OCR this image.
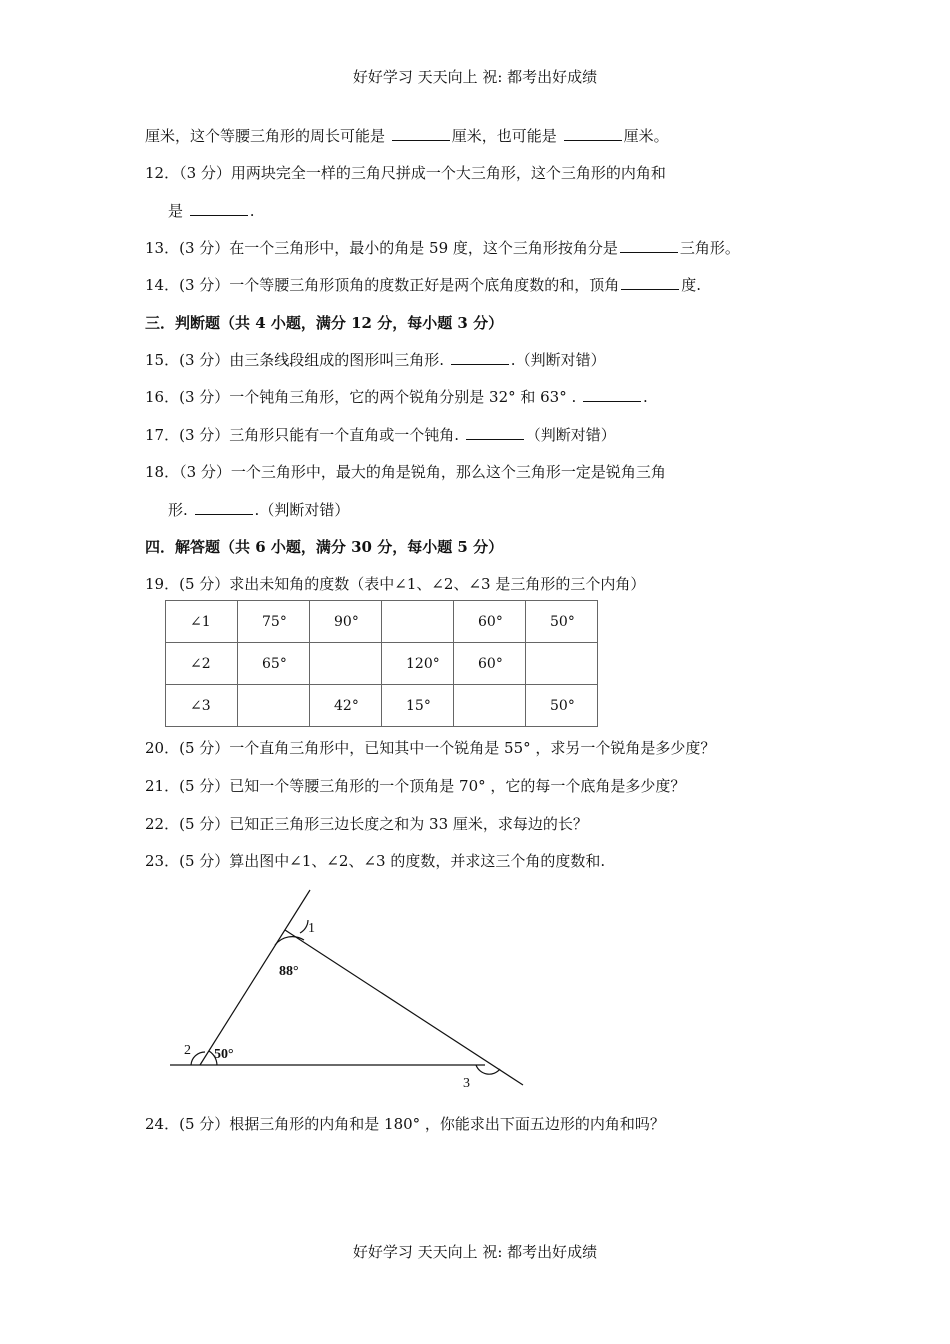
好好学习 天天向上 祝: 都考出好成绩
厘米，这个等腰三角形的周长可能是	厘米，也可能是	厘米。
12．（3 分）用两块完全一样的三角尺拼成一个大三角形，这个三角形的内角和
是	.
13．(3 分）在一个三角形中，最小的角是 59 度，这个三角形按角分是	三角形。
14．(3 分）一个等腰三角形顶角的度数正好是两个底角度数的和，顶角	度.
三．判断题（共 4 小题，满分 12 分，每小题 3 分）
15．(3 分）由三条线段组成的图形叫三角形.	.（判断对错）
16．(3 分）一个钝角三角形，它的两个锐角分别是 32° 和 63° .	.
17．(3 分）三角形只能有一个直角或一个钝角.	（判断对错）
18．（3 分）一个三角形中，最大的角是锐角，那么这个三角形一定是锐角三角
形.	.（判断对错）
四．解答题（共 6 小题，满分 30 分，每小题 5 分）
19．(5 分）求出未知角的度数（表中∠1、∠2、∠3 是三角形的三个内角）
∠1	75°	90°		60°	50°
∠2	65°		120°	60°	
∠3		42°	15°		50°
20．(5 分）一个直角三角形中，已知其中一个锐角是 55° ，求另一个锐角是多少度？
21．(5 分）已知一个等腰三角形的一个顶角是 70° ，它的每一个底角是多少度？
22．(5 分）已知正三角形三边长度之和为 33 厘米，求每边的长？
23．(5 分）算出图中∠1、∠2、∠3 的度数，并求这三个角的度数和.
1
88°
2 50°
3
24．(5 分）根据三角形的内角和是 180° ，你能求出下面五边形的内角和吗？
好好学习 天天向上 祝: 都考出好成绩
